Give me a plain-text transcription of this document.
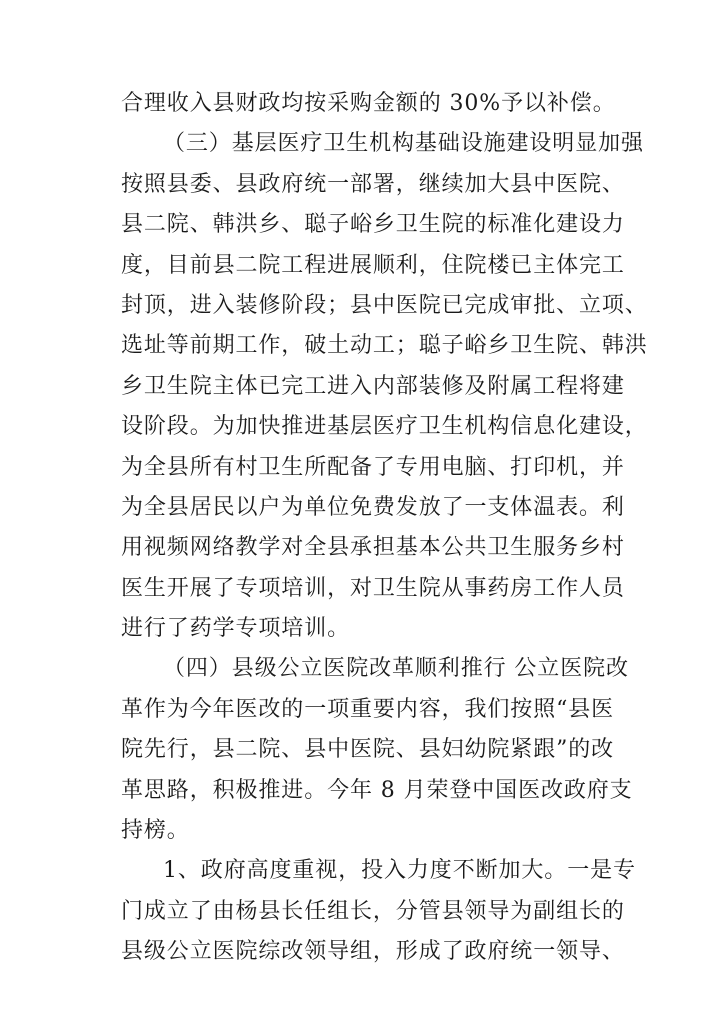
合理收入县财政均按采购金额的 30%予以补偿。
（三）基层医疗卫生机构基础设施建设明显加强
按照县委、县政府统一部署，继续加大县中医院、
县二院、韩洪乡、聪子峪乡卫生院的标准化建设力
度，目前县二院工程进展顺利，住院楼已主体完工
封顶，进入装修阶段；县中医院已完成审批、立项、
选址等前期工作，破土动工；聪子峪乡卫生院、韩洪
乡卫生院主体已完工进入内部装修及附属工程将建
设阶段。为加快推进基层医疗卫生机构信息化建设，
为全县所有村卫生所配备了专用电脑、打印机，并
为全县居民以户为单位免费发放了一支体温表。利
用视频网络教学对全县承担基本公共卫生服务乡村
医生开展了专项培训，对卫生院从事药房工作人员
进行了药学专项培训。
（四）县级公立医院改革顺利推行 公立医院改
革作为今年医改的一项重要内容，我们按照“县医
院先行，县二院、县中医院、县妇幼院紧跟”的改
革思路，积极推进。今年 8 月荣登中国医改政府支
持榜。
1、政府高度重视，投入力度不断加大。一是专
门成立了由杨县长任组长，分管县领导为副组长的
县级公立医院综改领导组，形成了政府统一领导、
